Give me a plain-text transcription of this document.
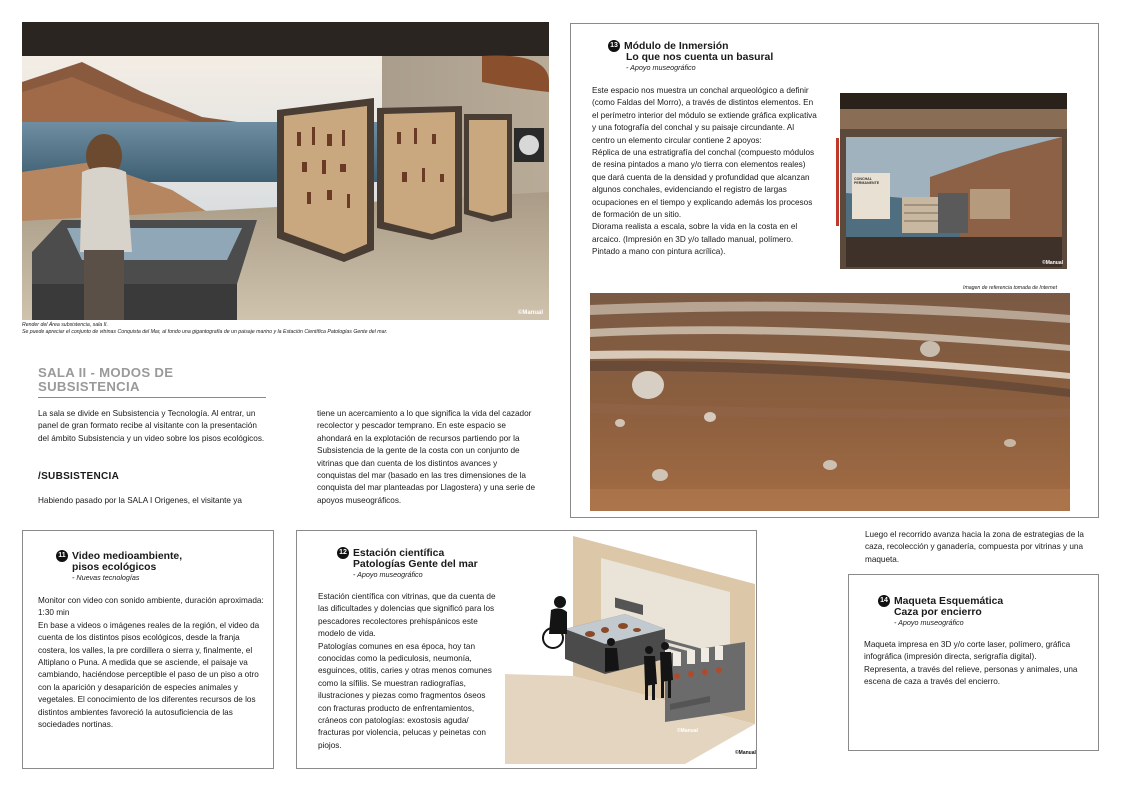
©Manual
Render del Área subsistencia, sala II.
Se puede apreciar el conjunto de vitrinas Conquista del Mar, al fondo una gigantografía de un paisaje marino y la Estación Científica Patologías Gente del mar.
SALA II - MODOS DE
SUBSISTENCIA
La sala se divide en Subsistencia y Tecnología. Al entrar, un panel de gran formato recibe al visitante con la presentación del ámbito Subsistencia y un video sobre los pisos ecológicos.
/SUBSISTENCIA
Habiendo pasado por la SALA I Origenes, el visitante ya
tiene un acercamiento a lo que significa la vida del cazador recolector y pescador temprano. En este espacio se ahondará en la explotación de recursos partiendo por la Subsistencia de la gente de la costa con un conjunto de vitrinas que dan cuenta de los distintos avances y conquistas del mar (basado en las tres dimensiones de la conquista del mar planteadas por Llagostera) y una serie de apoyos museográficos.
13 Módulo de Inmersión
Lo que nos cuenta un basural
- Apoyo museográfico
Este espacio nos muestra un conchal arqueológico a definir (como Faldas del Morro), a través de distintos elementos. En el perímetro interior del módulo se extiende gráfica explicativa y una fotografía del conchal y su paisaje circundante. Al centro un elemento circular contiene 2 apoyos:
Réplica de una estratigrafía del conchal (compuesto módulos de resina pintados a mano y/o tierra con elementos reales) que dará cuenta de la densidad y profundidad que alcanzan algunos conchales, evidenciando el registro de largas ocupaciones en el tiempo y explicando además los procesos de formación de un sitio.
Diorama realista a escala, sobre la vida en la costa en el arcaico. (Impresión en 3D y/o tallado manual, polímero. Pintado a mano con pintura acrílica).
CONCHAL PERMANENTE
©Manual
Imagen de referencia tomada de Internet
11 Video medioambiente,
pisos ecológicos
- Nuevas tecnologías
Monitor con video con sonido ambiente, duración aproximada: 1:30 min
En base a videos o imágenes reales de la región, el video da cuenta de los distintos pisos ecológicos, desde la franja costera, los valles, la pre cordillera o sierra y, finalmente, el Altiplano o Puna. A medida que se asciende, el paisaje va cambiando, haciéndose perceptible el paso de un piso a otro con la aparición y desaparición de especies animales y vegetales. El conocimiento de los diferentes recursos de los distintos ambientes favoreció la autosuficiencia de las sociedades nortinas.
12 Estación científica
Patologías Gente del mar
- Apoyo museográfico
Estación científica con vitrinas, que da cuenta de las dificultades y dolencias que significó para los pescadores recolectores prehispánicos este modelo de vida.
Patologías comunes en esa época, hoy tan conocidas como la pediculosis, neumonía, esguinces, otitis, caries y otras menos comunes como la sífilis. Se muestran radiografías, ilustraciones y piezas como fragmentos óseos con fracturas producto de enfrentamientos, cráneos con patologías: exostosis aguda/ fracturas por violencia, pelucas y peinetas con piojos.
©Manual
©Manual
Luego el recorrido avanza hacia la zona de estrategias de la caza, recolección y ganadería, compuesta por vitrinas y una maqueta.
14 Maqueta Esquemática
Caza por encierro
- Apoyo museográfico
Maqueta impresa en 3D y/o corte laser, polímero, gráfica infográfica (impresión directa, serigrafía digital).
Representa, a través del relieve, personas y animales, una escena de caza a través del encierro.
